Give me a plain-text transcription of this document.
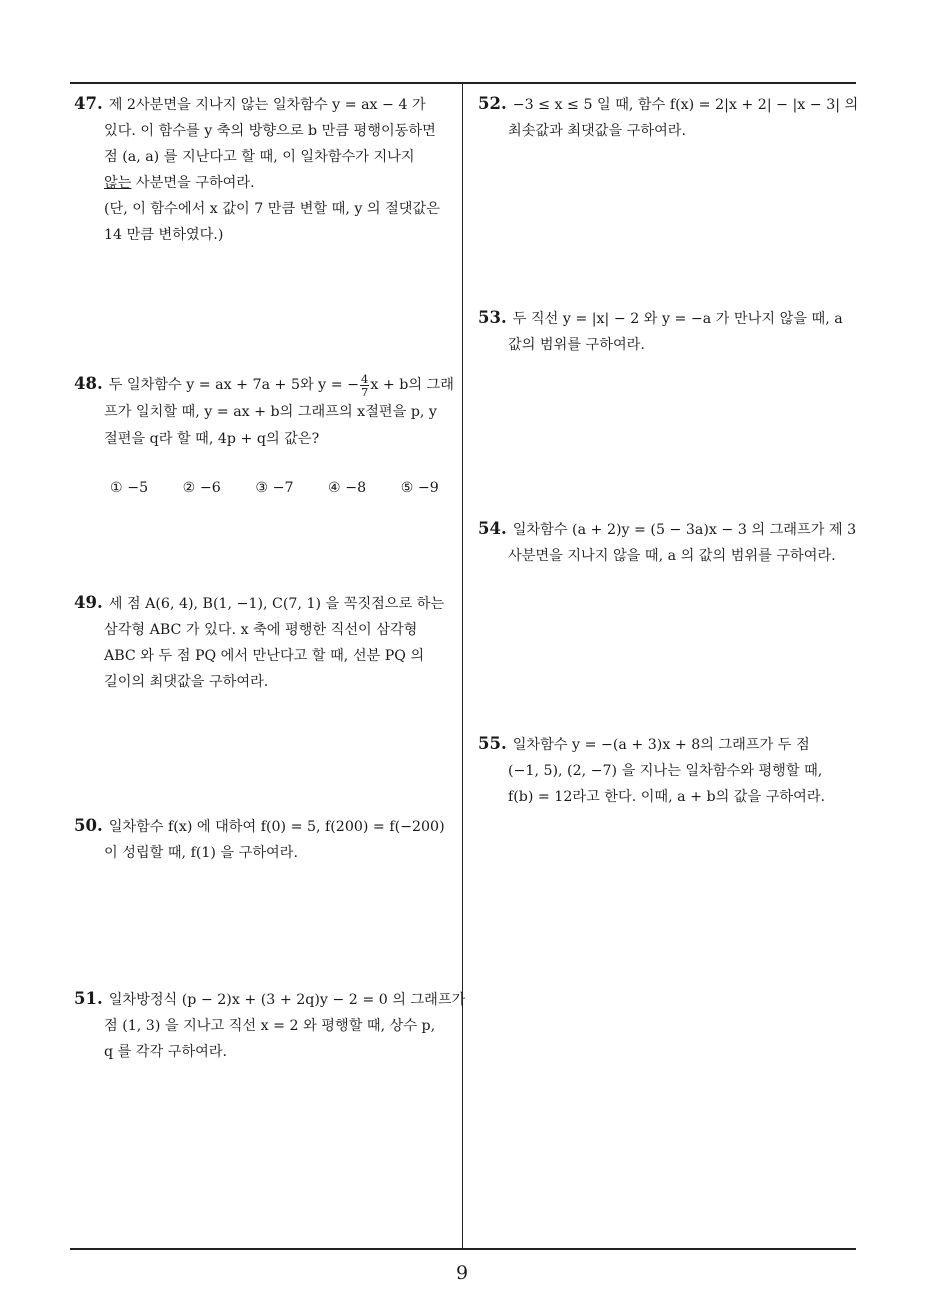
47. 제 2사분면을 지나지 않는 일차함수 y = ax − 4 가
있다. 이 함수를 y 축의 방향으로 b 만큼 평행이동하면
점 (a, a) 를 지난다고 할 때, 이 일차함수가 지나지
않는 사분면을 구하여라.
(단, 이 함수에서 x 값이 7 만큼 변할 때, y 의 절댓값은
14 만큼 변하였다.)
48. 두 일차함수 y = ax + 7a + 5와 y = − $\frac{4}{7}$ x + b의 그래
프가 일치할 때, y = ax + b의 그래프의 x절편을 p, y
절편을 q라 할 때, 4p + q의 값은?
① −5 ② −6 ③ −7 ④ −8 ⑤ −9
49. 세 점 A(6, 4), B(1, −1), C(7, 1) 을 꼭짓점으로 하는
삼각형 ABC 가 있다. x 축에 평행한 직선이 삼각형
ABC 와 두 점 PQ 에서 만난다고 할 때, 선분 PQ 의
길이의 최댓값을 구하여라.
50. 일차함수 f(x) 에 대하여 f(0) = 5, f(200) = f(−200)
이 성립할 때, f(1) 을 구하여라.
51. 일차방정식 (p − 2)x + (3 + 2q)y − 2 = 0 의 그래프가
점 (1, 3) 을 지나고 직선 x = 2 와 평행할 때, 상수 p,
q 를 각각 구하여라.
52. −3 ≤ x ≤ 5 일 때, 함수 f(x) = 2|x + 2| − |x − 3| 의
최솟값과 최댓값을 구하여라.
53. 두 직선 y = |x| − 2 와 y = −a 가 만나지 않을 때, a
값의 범위를 구하여라.
54. 일차함수 (a + 2)y = (5 − 3a)x − 3 의 그래프가 제 3
사분면을 지나지 않을 때, a 의 값의 범위를 구하여라.
55. 일차함수 y = −(a + 3)x + 8의 그래프가 두 점
(−1, 5), (2, −7) 을 지나는 일차함수와 평행할 때,
f(b) = 12라고 한다. 이때, a + b의 값을 구하여라.
9
